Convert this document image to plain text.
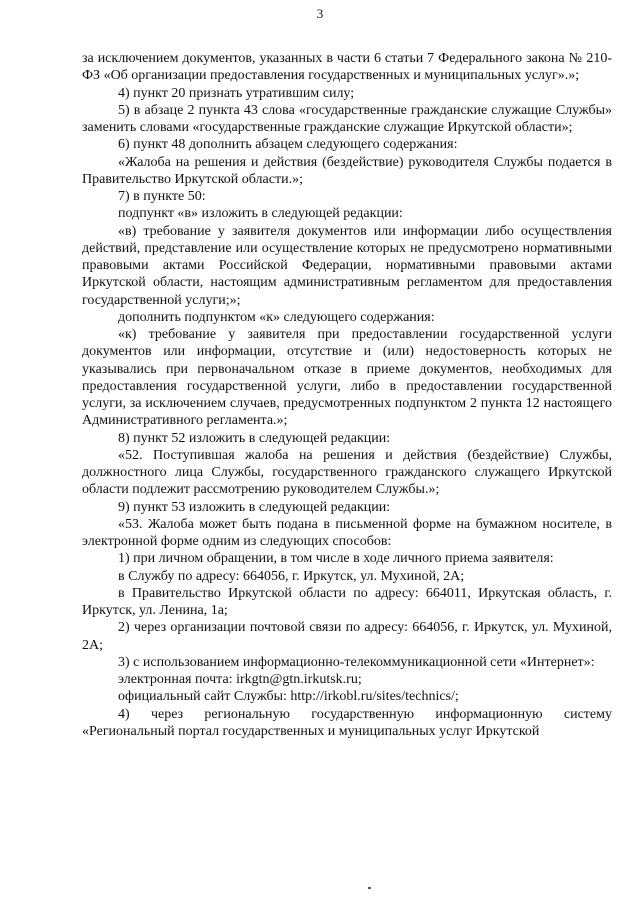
3

за исключением документов, указанных в части 6 статьи 7 Федерального закона № 210-ФЗ «Об организации предоставления государственных и муниципальных услуг».»;

4) пункт 20 признать утратившим силу;

5) в абзаце 2 пункта 43 слова «государственные гражданские служащие Службы» заменить словами «государственные гражданские служащие Иркутской области»;

6) пункт 48 дополнить абзацем следующего содержания:

«Жалоба на решения и действия (бездействие) руководителя Службы подается в Правительство Иркутской области.»;

7) в пункте 50:

подпункт «в» изложить в следующей редакции:

«в) требование у заявителя документов или информации либо осуществления действий, представление или осуществление которых не предусмотрено нормативными правовыми актами Российской Федерации, нормативными правовыми актами Иркутской области, настоящим административным регламентом для предоставления государственной услуги;»;

дополнить подпунктом «к» следующего содержания:

«к) требование у заявителя при предоставлении государственной услуги документов или информации, отсутствие и (или) недостоверность которых не указывались при первоначальном отказе в приеме документов, необходимых для предоставления государственной услуги, либо в предоставлении государственной услуги, за исключением случаев, предусмотренных подпунктом 2 пункта 12 настоящего Административного регламента.»;

8) пункт 52 изложить в следующей редакции:

«52. Поступившая жалоба на решения и действия (бездействие) Службы, должностного лица Службы, государственного гражданского служащего Иркутской области подлежит рассмотрению руководителем Службы.»;

9) пункт 53 изложить в следующей редакции:

«53. Жалоба может быть подана в письменной форме на бумажном носителе, в электронной форме одним из следующих способов:

1) при личном обращении, в том числе в ходе личного приема заявителя:

в Службу по адресу: 664056, г. Иркутск, ул. Мухиной, 2А;

в Правительство Иркутской области по адресу: 664011, Иркутская область, г. Иркутск, ул. Ленина, 1а;

2) через организации почтовой связи по адресу: 664056, г. Иркутск, ул. Мухиной, 2А;

3) с использованием информационно-телекоммуникационной сети «Интернет»:

электронная почта: irkgtn@gtn.irkutsk.ru;

официальный сайт Службы: http://irkobl.ru/sites/technics/;

4) через региональную государственную информационную систему «Региональный портал государственных и муниципальных услуг Иркутской
